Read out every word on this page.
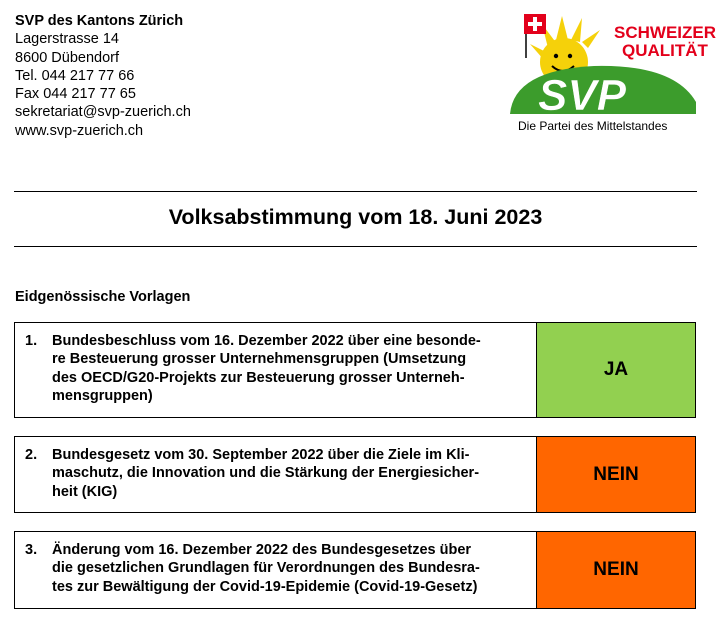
SVP des Kantons Zürich
Lagerstrasse 14
8600 Dübendorf
Tel. 044 217 77 66
Fax 044 217 77 65
sekretariat@svp-zuerich.ch
www.svp-zuerich.ch
SCHWEIZER
QUALITÄT
SVP
Die Partei des Mittelstandes
Volksabstimmung vom 18. Juni 2023
Eidgenössische Vorlagen
1.	Bundesbeschluss vom 16. Dezember 2022 über eine besonde-
re Besteuerung grosser Unternehmensgruppen (Umsetzung
des OECD/G20-Projekts zur Besteuerung grosser Unterneh-
mensgruppen)
JA
2.	Bundesgesetz vom 30. September 2022 über die Ziele im Kli-
maschutz, die Innovation und die Stärkung der Energiesicher-
heit (KIG)
NEIN
3.	Änderung vom 16. Dezember 2022 des Bundesgesetzes über
die gesetzlichen Grundlagen für Verordnungen des Bundesra-
tes zur Bewältigung der Covid-19-Epidemie (Covid-19-Gesetz)
NEIN
